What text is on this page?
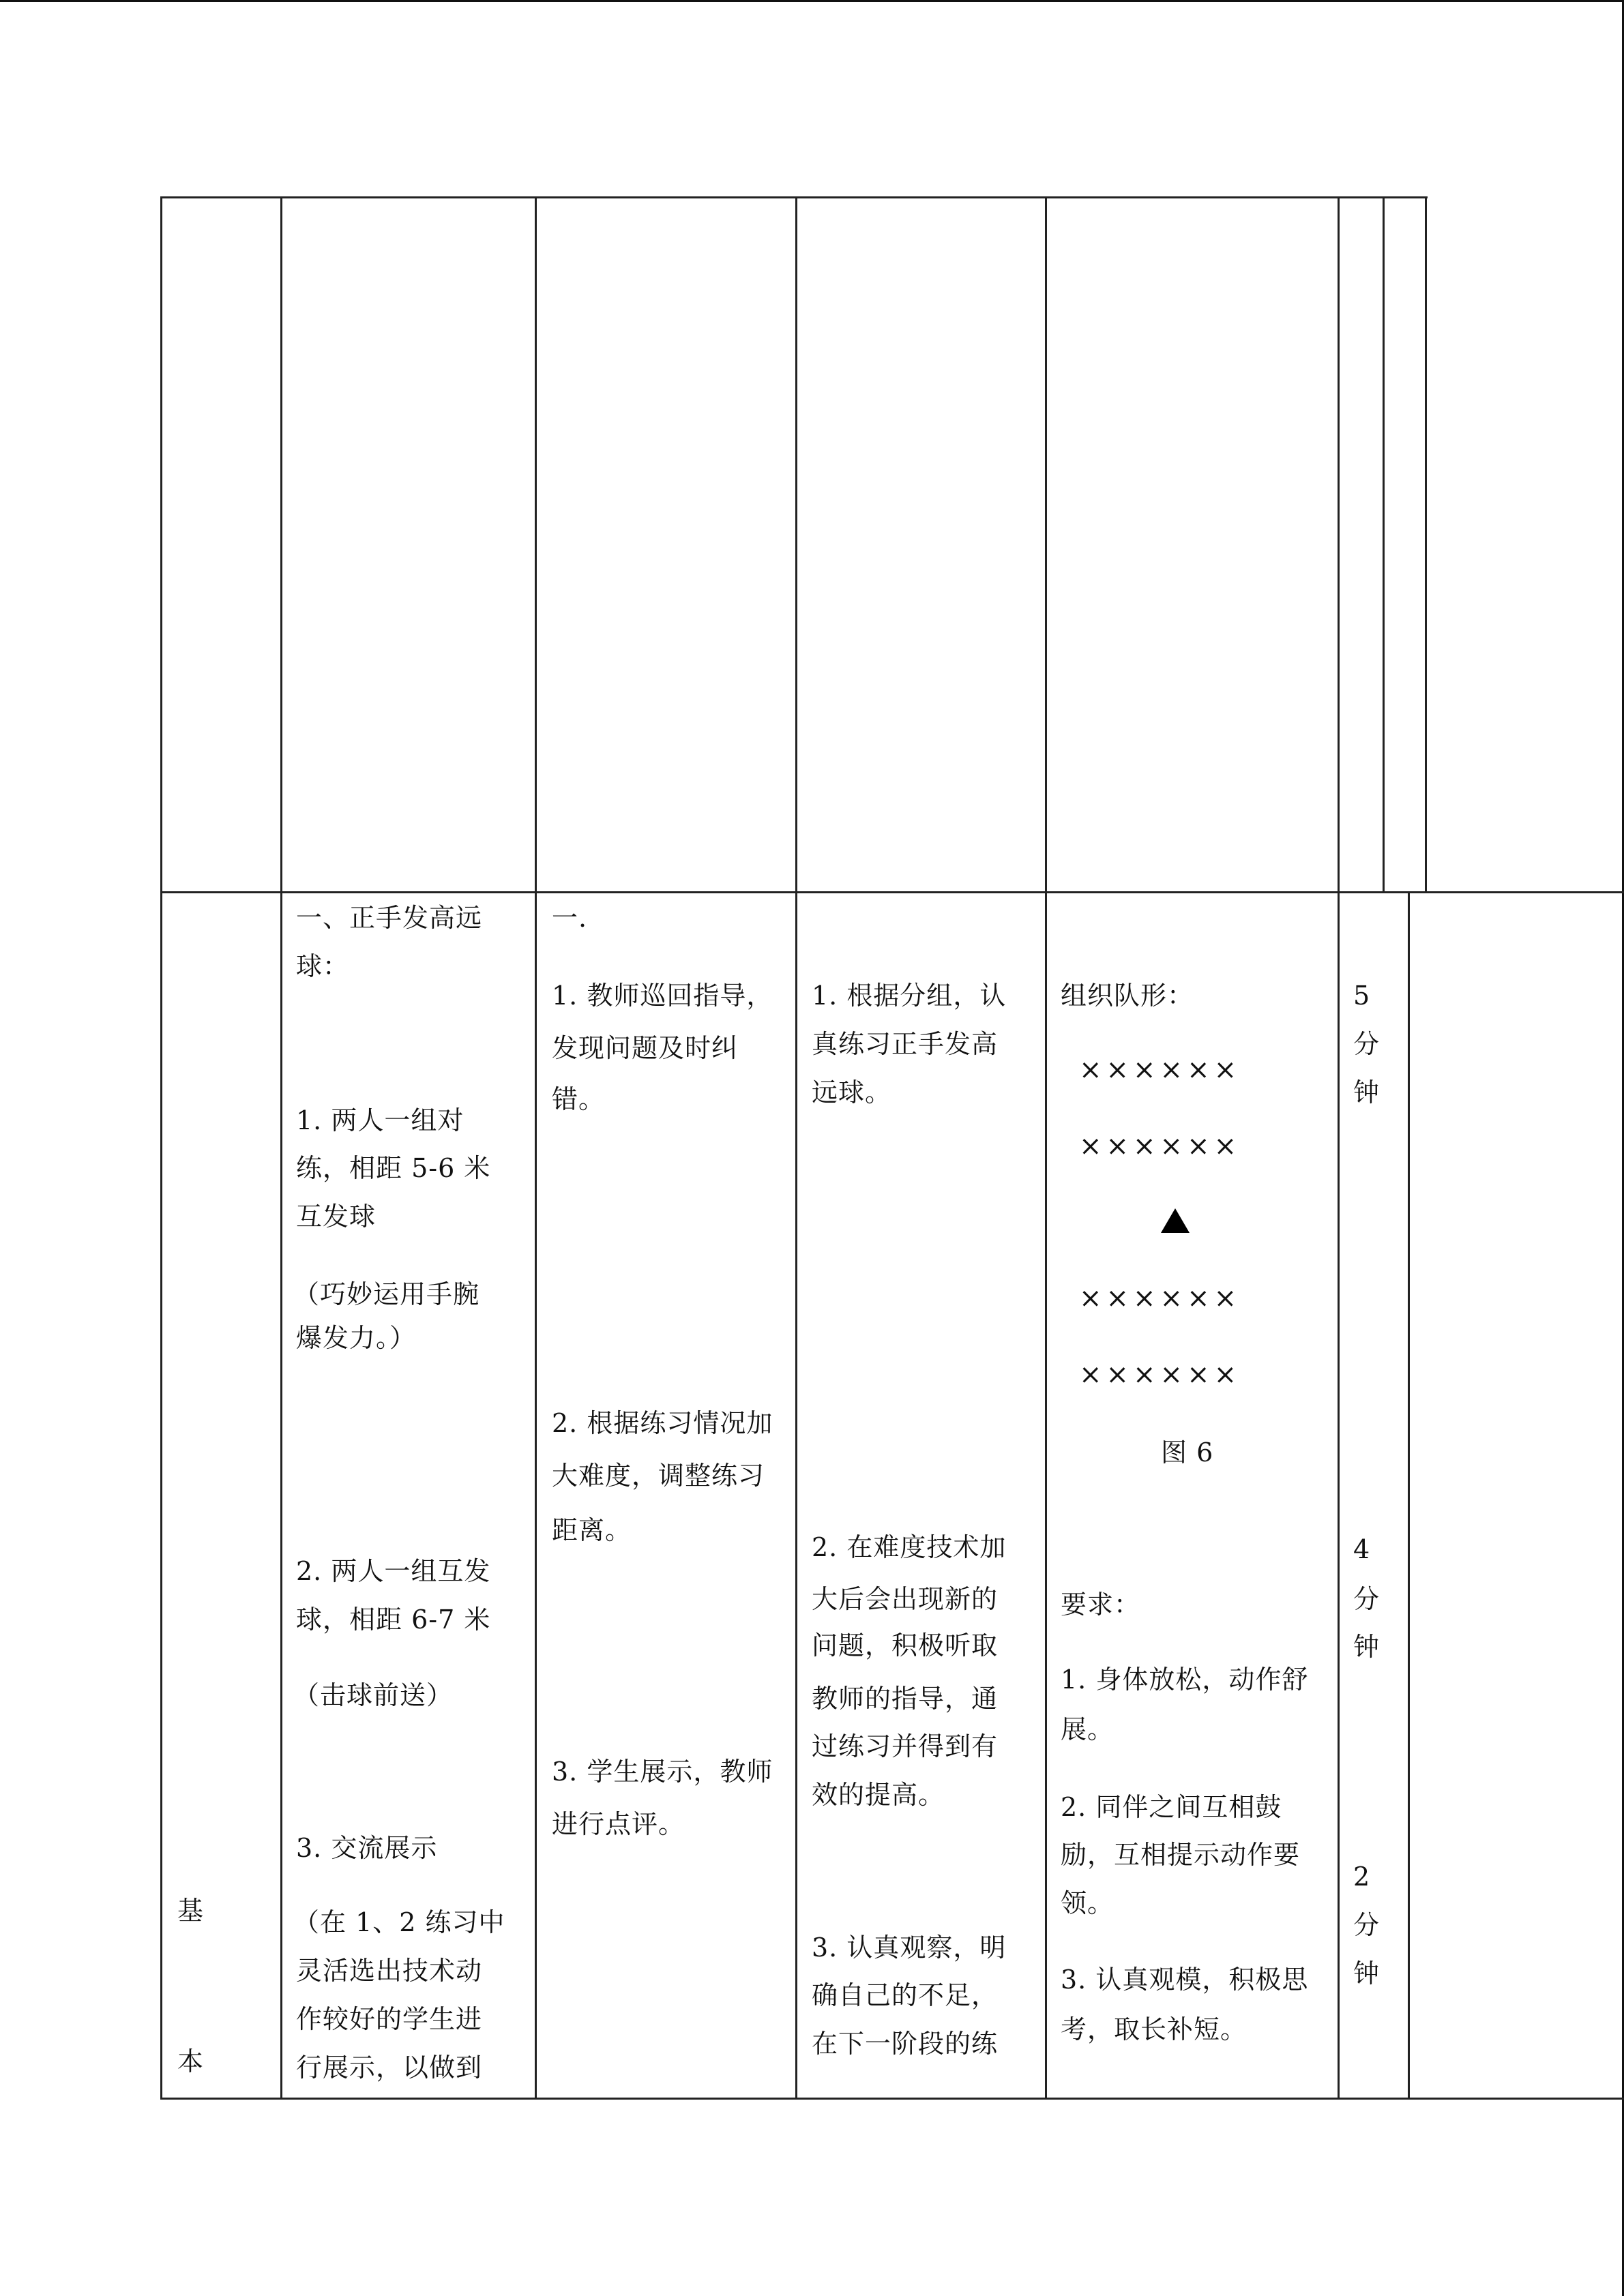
基
本
一、正手发高远
球：
1. 两人一组对
练，相距 5-6 米
互发球
（巧妙运用手腕
爆发力。）
2. 两人一组互发
球，相距 6-7 米
（击球前送）
3. 交流展示
（在 1、2 练习中
灵活选出技术动
作较好的学生进
行展示，以做到
一.
1. 教师巡回指导，
发现问题及时纠
错。
2. 根据练习情况加
大难度，调整练习
距离。
3. 学生展示，教师
进行点评。
1. 根据分组，认
真练习正手发高
远球。
2. 在难度技术加
大后会出现新的
问题，积极听取
教师的指导，通
过练习并得到有
效的提高。
3. 认真观察，明
确自己的不足，
在下一阶段的练
组织队形：
××××××
××××××
××××××
××××××
图 6
要求：
1. 身体放松，动作舒
展。
2. 同伴之间互相鼓
励，互相提示动作要
领。
3. 认真观模，积极思
考，取长补短。
5
分
钟
4
分
钟
2
分
钟
